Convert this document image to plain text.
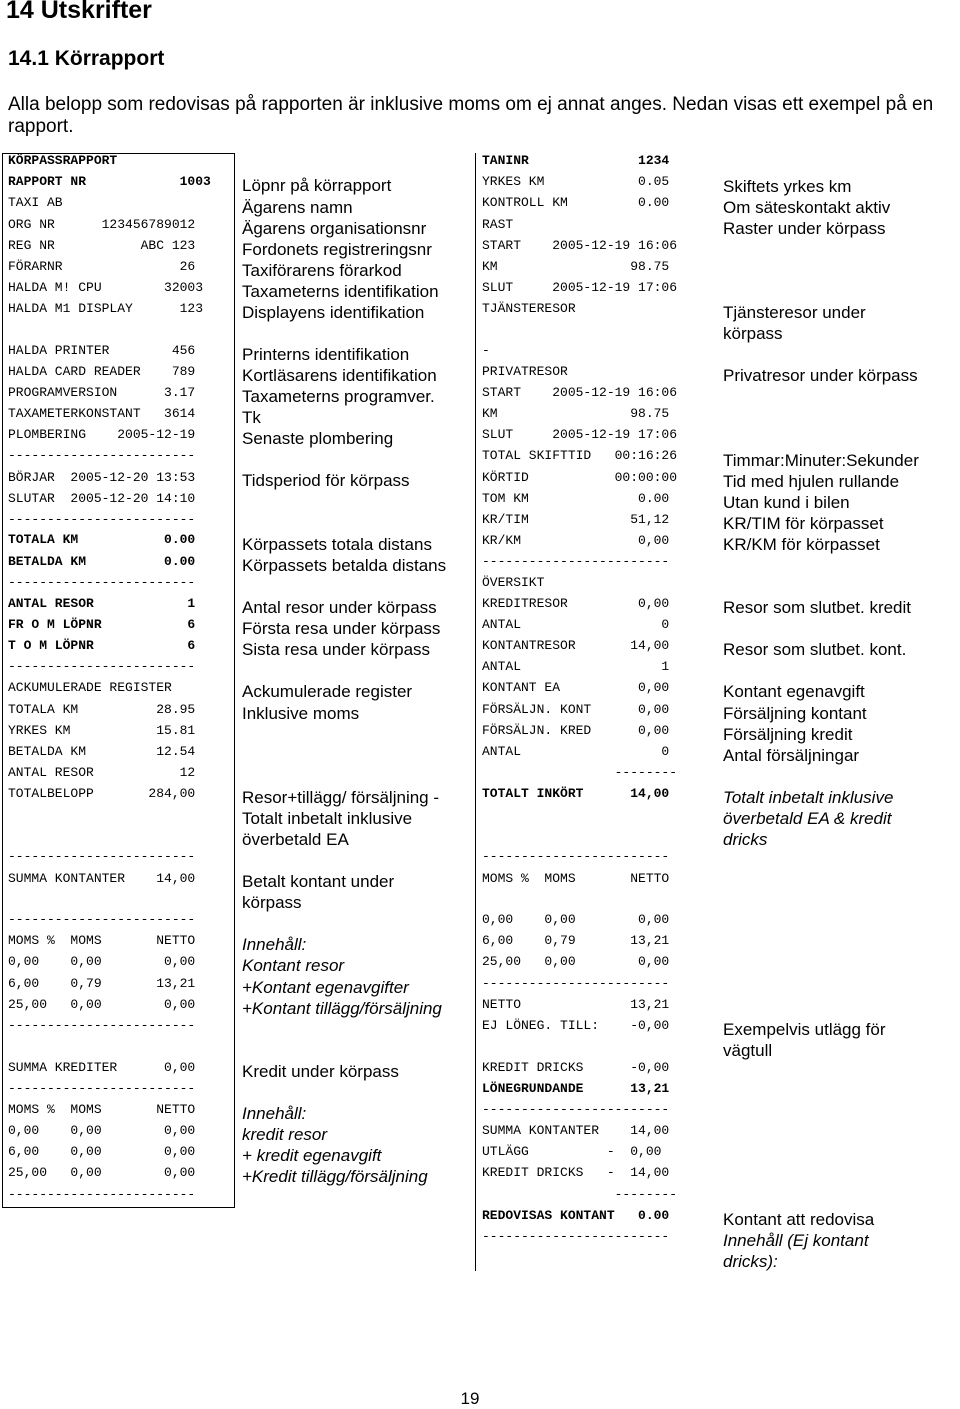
14 Utskrifter
14.1 Körrapport
Alla belopp som redovisas på rapporten är inklusive moms om ej annat anges. Nedan visas ett exempel på en rapport.
KÖRPASSRAPPORT
RAPPORT NR            1003
TAXI AB
ORG NR      123456789012
REG NR           ABC 123
FÖRARNR               26
HALDA M! CPU        32003
HALDA M1 DISPLAY      123
HALDA PRINTER        456
HALDA CARD READER    789
PROGRAMVERSION      3.17
TAXAMETERKONSTANT   3614
PLOMBERING    2005-12-19
------------------------
BÖRJAR  2005-12-20 13:53
SLUTAR  2005-12-20 14:10
------------------------
TOTALA KM           0.00
BETALDA KM          0.00
------------------------
ANTAL RESOR            1
FR O M LÖPNR           6
T O M LÖPNR            6
------------------------
ACKUMULERADE REGISTER
TOTALA KM          28.95
YRKES KM           15.81
BETALDA KM         12.54
ANTAL RESOR           12
TOTALBELOPP       284,00
------------------------
SUMMA KONTANTER    14,00
------------------------
MOMS %  MOMS       NETTO
0,00    0,00        0,00
6,00    0,79       13,21
25,00   0,00        0,00
------------------------
SUMMA KREDITER      0,00
------------------------
MOMS %  MOMS       NETTO
0,00    0,00        0,00
6,00    0,00        0,00
25,00   0,00        0,00
------------------------
Löpnr på körrapport
Ägarens namn
Ägarens organisationsnr
Fordonets registreringsnr
Taxiförarens förarkod
Taxameterns identifikation
Displayens identifikation
Printerns identifikation
Kortläsarens identifikation
Taxameterns programver.
Tk
Senaste plombering
Tidsperiod för körpass
Körpassets totala distans
Körpassets betalda distans
Antal resor under körpass
Första resa under körpass
Sista resa under körpass
Ackumulerade register
Inklusive moms
Resor+tillägg/ försäljning -
Totalt inbetalt inklusive
överbetald EA
Betalt kontant under
körpass
Innehåll:
Kontant resor
+Kontant egenavgifter
+Kontant tillägg/försäljning
Kredit under körpass
Innehåll:
kredit resor
+ kredit egenavgift
+Kredit tillägg/försäljning
TANINR              1234
YRKES KM            0.05
KONTROLL KM         0.00
RAST
START    2005-12-19 16:06
KM                 98.75
SLUT     2005-12-19 17:06
TJÄNSTERESOR
-
PRIVATRESOR
START    2005-12-19 16:06
KM                 98.75
SLUT     2005-12-19 17:06
TOTAL SKIFTTID   00:16:26
KÖRTID           00:00:00
TOM KM              0.00
KR/TIM             51,12
KR/KM               0,00
------------------------
ÖVERSIKT
KREDITRESOR         0,00
ANTAL                  0
KONTANTRESOR       14,00
ANTAL                  1
KONTANT EA          0,00
FÖRSÄLJN. KONT      0,00
FÖRSÄLJN. KRED      0,00
ANTAL                  0
--------
TOTALT INKÖRT      14,00
------------------------
MOMS %  MOMS       NETTO
0,00    0,00        0,00
6,00    0,79       13,21
25,00   0,00        0,00
------------------------
NETTO              13,21
EJ LÖNEG. TILL:    -0,00
KREDIT DRICKS      -0,00
LÖNEGRUNDANDE      13,21
------------------------
SUMMA KONTANTER    14,00
UTLÄGG          -  0,00
KREDIT DRICKS   -  14,00
--------
REDOVISAS KONTANT   0.00
------------------------
Skiftets yrkes km
Om säteskontakt aktiv
Raster under körpass
Tjänsteresor under
körpass
Privatresor under körpass
Timmar:Minuter:Sekunder
Tid med hjulen rullande
Utan kund i bilen
KR/TIM för körpasset
KR/KM för körpasset
Resor som slutbet. kredit
Resor som slutbet. kont.
Kontant egenavgift
Försäljning kontant
Försäljning kredit
Antal försäljningar
Totalt inbetalt inklusive
överbetald EA & kredit
dricks
Exempelvis utlägg för
vägtull
Kontant att redovisa
Innehåll (Ej kontant
dricks):
19
